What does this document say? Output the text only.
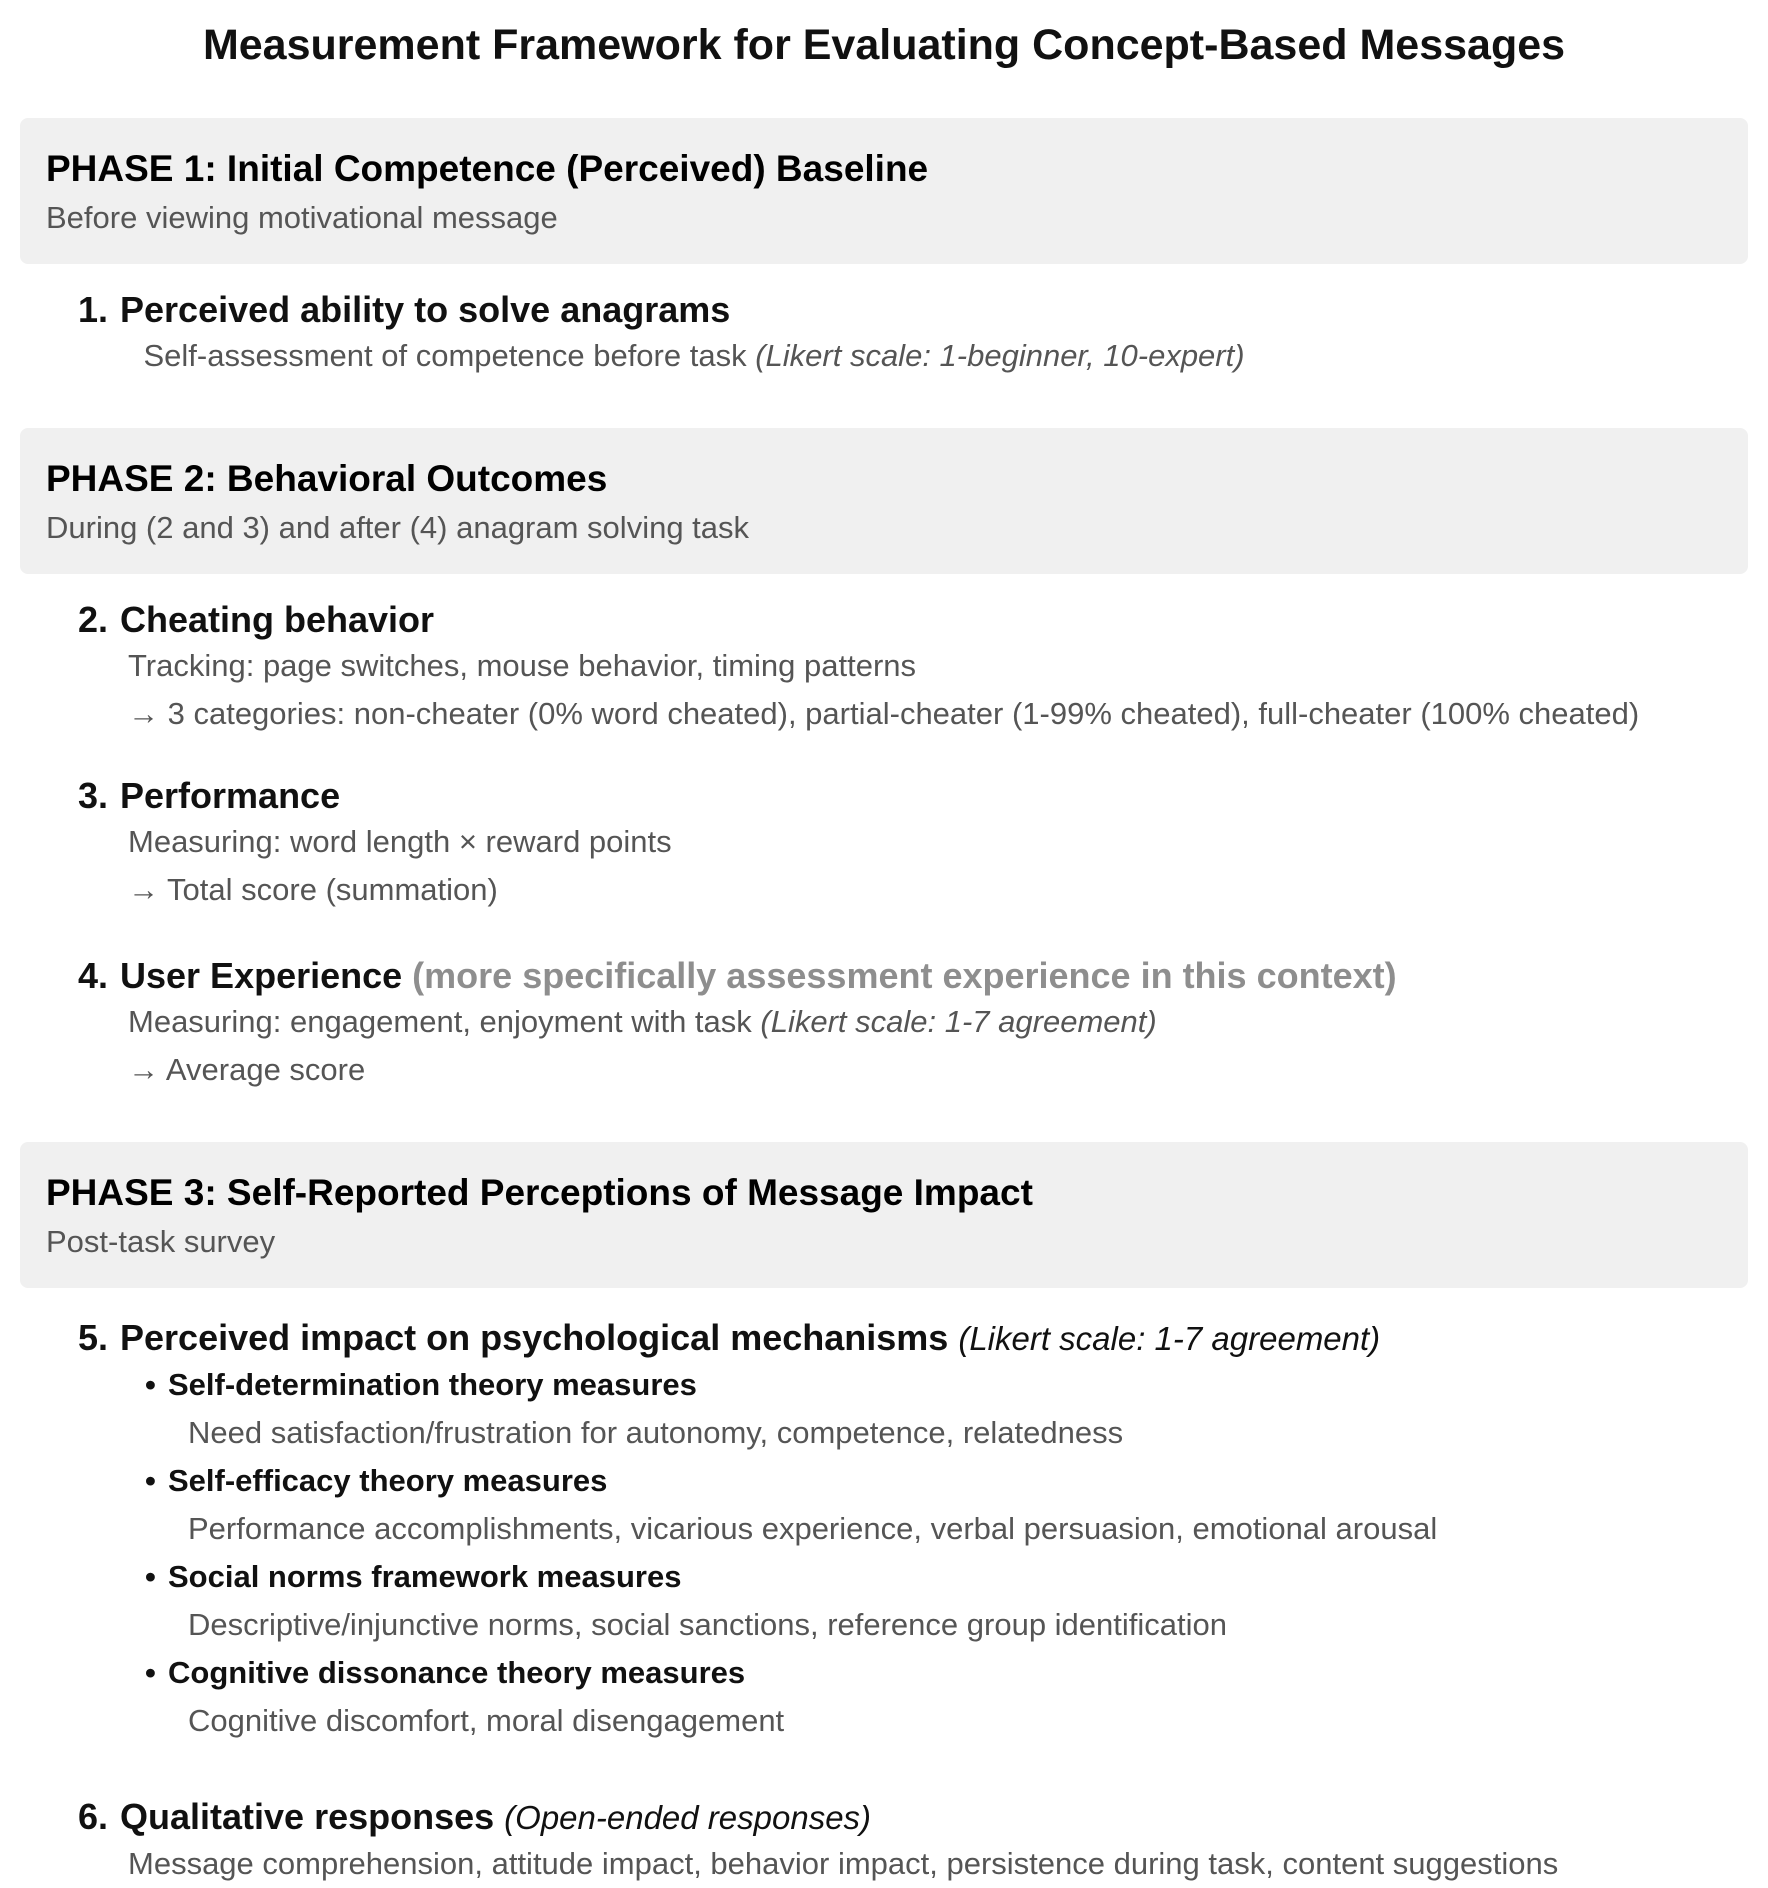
Measurement Framework for Evaluating Concept-Based Messages
PHASE 1: Initial Competence (Perceived) Baseline

Before viewing motivational message

1. Perceived ability to solve anagrams
 Self-assessment of competence before task (Likert scale: 1-beginner, 10-expert)
PHASE 2: Behavioral Outcomes

During (2 and 3) and after (4) anagram solving task

2. Cheating behavior
Tracking: page switches, mouse behavior, timing patterns
→ 3 categories: non-cheater (0% word cheated), partial-cheater (1-99% cheated), full-cheater (100% cheated)
3. Performance
Measuring: word length × reward points
→ Total score (summation)
4. User Experience (more specifically assessment experience in this context)
Measuring: engagement, enjoyment with task (Likert scale: 1-7 agreement)
→ Average score
PHASE 3: Self-Reported Perceptions of Message Impact

Post-task survey

5. Perceived impact on psychological mechanisms (Likert scale: 1-7 agreement)
• Self-determination theory measures
Need satisfaction/frustration for autonomy, competence, relatedness
• Self-efficacy theory measures
Performance accomplishments, vicarious experience, verbal persuasion, emotional arousal
• Social norms framework measures
Descriptive/injunctive norms, social sanctions, reference group identification
• Cognitive dissonance theory measures
Cognitive discomfort, moral disengagement
6. Qualitative responses (Open-ended responses)
Message comprehension, attitude impact, behavior impact, persistence during task, content suggestions
